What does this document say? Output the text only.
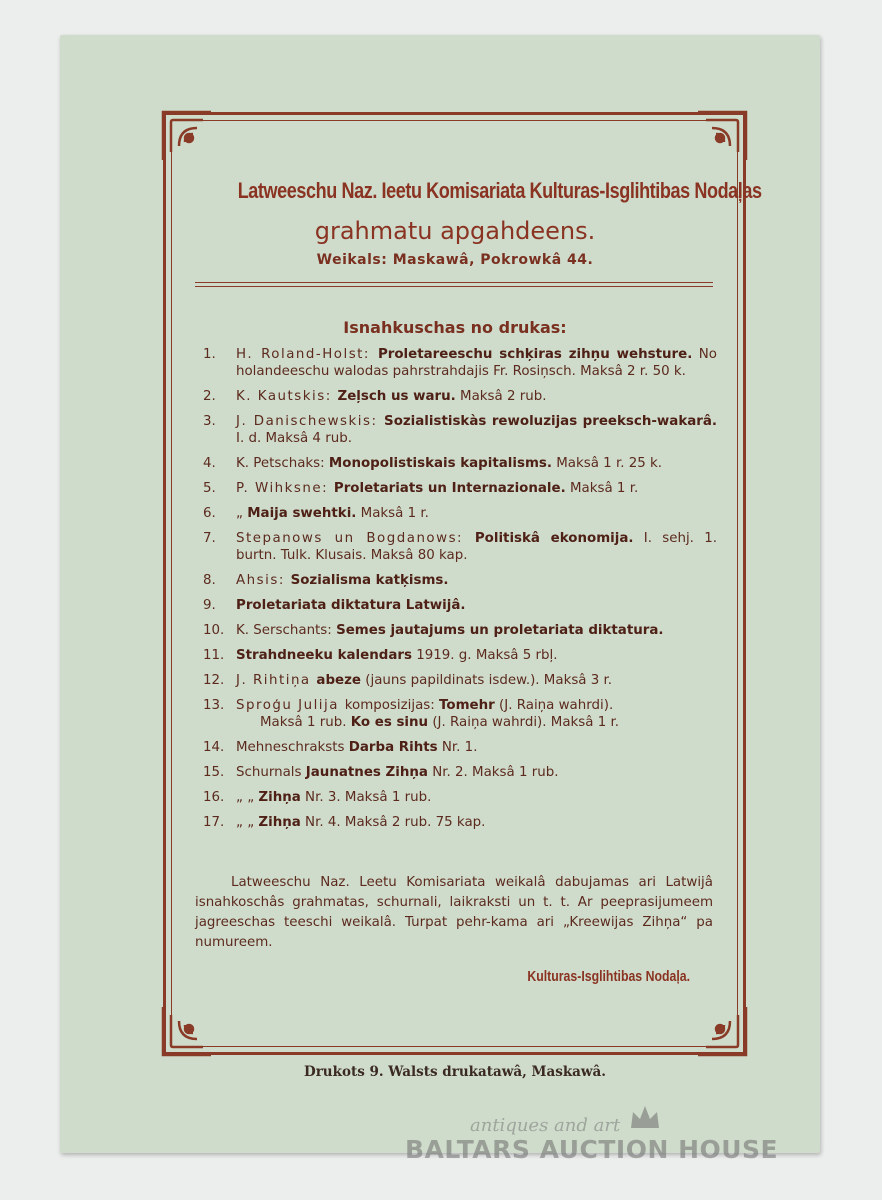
Latweeschu Naz. Ieetu Komisariata Kulturas-Isglihtibas Nodaļas
grahmatu apgahdeens.
Weikals: Maskawâ, Pokrowkâ 44.
Isnahkuschas no drukas:
1.	H. Roland-Holst: Proletareeschu schķiras zihņu wehsture. No holandeeschu walodas pahrstrahdajis Fr. Rosiņsch. Maksâ 2 r. 50 k.
2.	K. Kautskis: Zeļsch us waru. Maksâ 2 rub.
3.	J. Danischewskis: Sozialistiskàs rewoluzijas preeksch-wakarâ. I. d. Maksâ 4 rub.
4.	K. Petschaks: Monopolistiskais kapitalisms. Maksâ 1 r. 25 k.
5.	P. Wihksne: Proletariats un Internazionale. Maksâ 1 r.
6.	„ Maija swehtki. Maksâ 1 r.
7.	Stepanows un Bogdanows: Politiskâ ekonomija. I. sehj. 1. burtn. Tulk. Klusais. Maksâ 80 kap.
8.	Ahsis: Sozialisma katķisms.
9.	Proletariata diktatura Latwijâ.
10. K. Serschants: Semes jautajums un proletariata diktatura.
11. Strahdneeku kalendars 1919. g. Maksâ 5 rbļ.
12. J. Rihtiņa abeze (jauns papildinats isdew.). Maksâ 3 r.
13. Sproģu Julija komposizijas: Tomehr (J. Raiņa wahrdi).
Maksâ 1 rub. Ko es sinu (J. Raiņa wahrdi). Maksâ 1 r.
14. Mehneschraksts Darba Rihts Nr. 1.
15. Schurnals Jaunatnes Zihņa Nr. 2. Maksâ 1 rub.
16. „ „ Zihņa Nr. 3. Maksâ 1 rub.
17. „ „ Zihņa Nr. 4. Maksâ 2 rub. 75 kap.
Latweeschu Naz. Leetu Komisariata weikalâ dabujamas ari Latwijâ isnahkoschâs grahmatas, schurnali, laikraksti un t. t. Ar peeprasijumeem jagreeschas teeschi weikalâ. Turpat pehr-kama ari „Kreewijas Zihņa“ pa numureem.
Kulturas-Isglihtibas Nodaļa.
Drukots 9. Walsts drukatawâ, Maskawâ.
antiques and art
BALTARS AUCTION HOUSE
